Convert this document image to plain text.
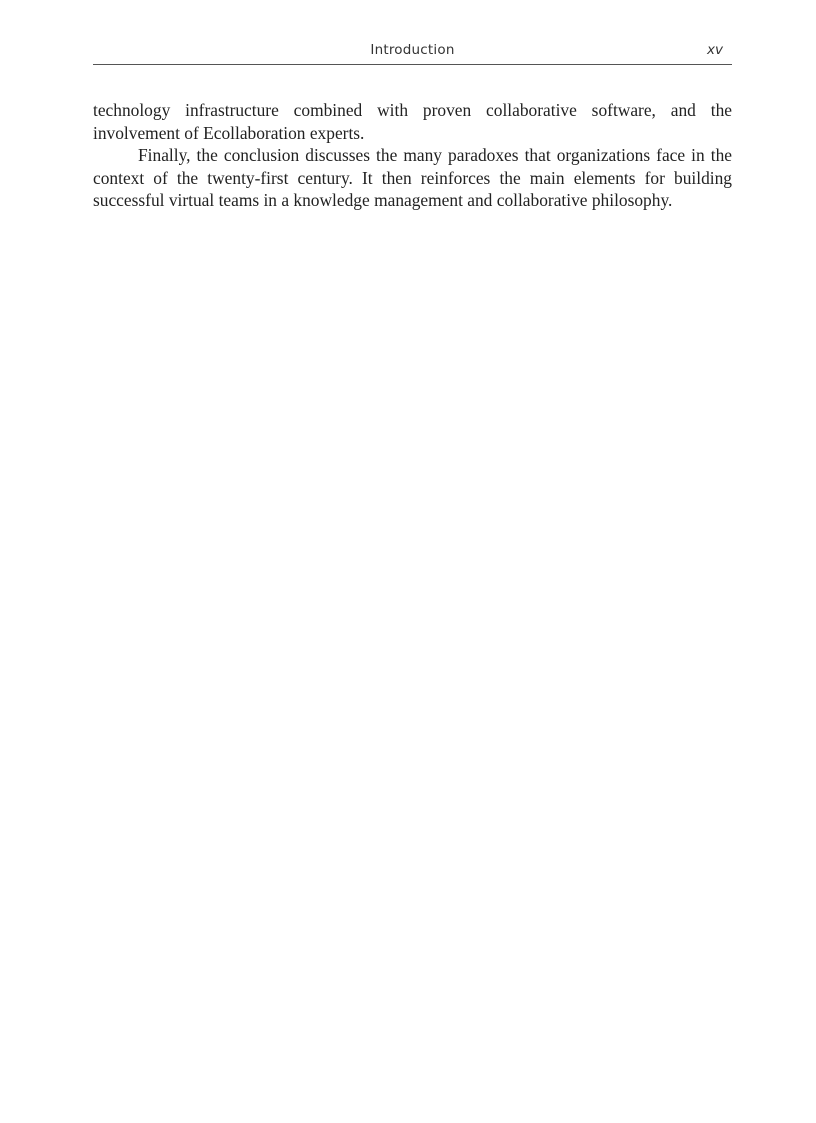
Introduction	xv

technology infrastructure combined with proven collaborative software, and the involvement of Ecollaboration experts.

Finally, the conclusion discusses the many paradoxes that organizations face in the context of the twenty-first century. It then reinforces the main elements for building successful virtual teams in a knowledge management and collaborative philosophy.
